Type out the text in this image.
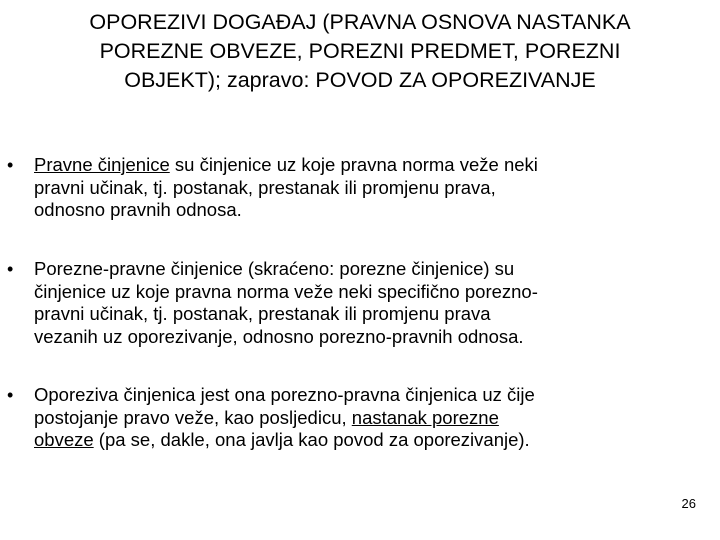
OPOREZIVI DOGAĐAJ (PRAVNA OSNOVA NASTANKA
POREZNE OBVEZE, POREZNI PREDMET, POREZNI
OBJEKT); zapravo: POVOD ZA OPOREZIVANJE
• Pravne činjenice su činjenice uz koje pravna norma veže neki
pravni učinak, tj. postanak, prestanak ili promjenu prava,
odnosno pravnih odnosa.

• Porezne-pravne činjenice (skraćeno: porezne činjenice) su
činjenice uz koje pravna norma veže neki specifično porezno-
pravni učinak, tj. postanak, prestanak ili promjenu prava
vezanih uz oporezivanje, odnosno porezno-pravnih odnosa.

• Oporeziva činjenica jest ona porezno-pravna činjenica uz čije
postojanje pravo veže, kao posljedicu, nastanak porezne
obveze (pa se, dakle, ona javlja kao povod za oporezivanje).

26
